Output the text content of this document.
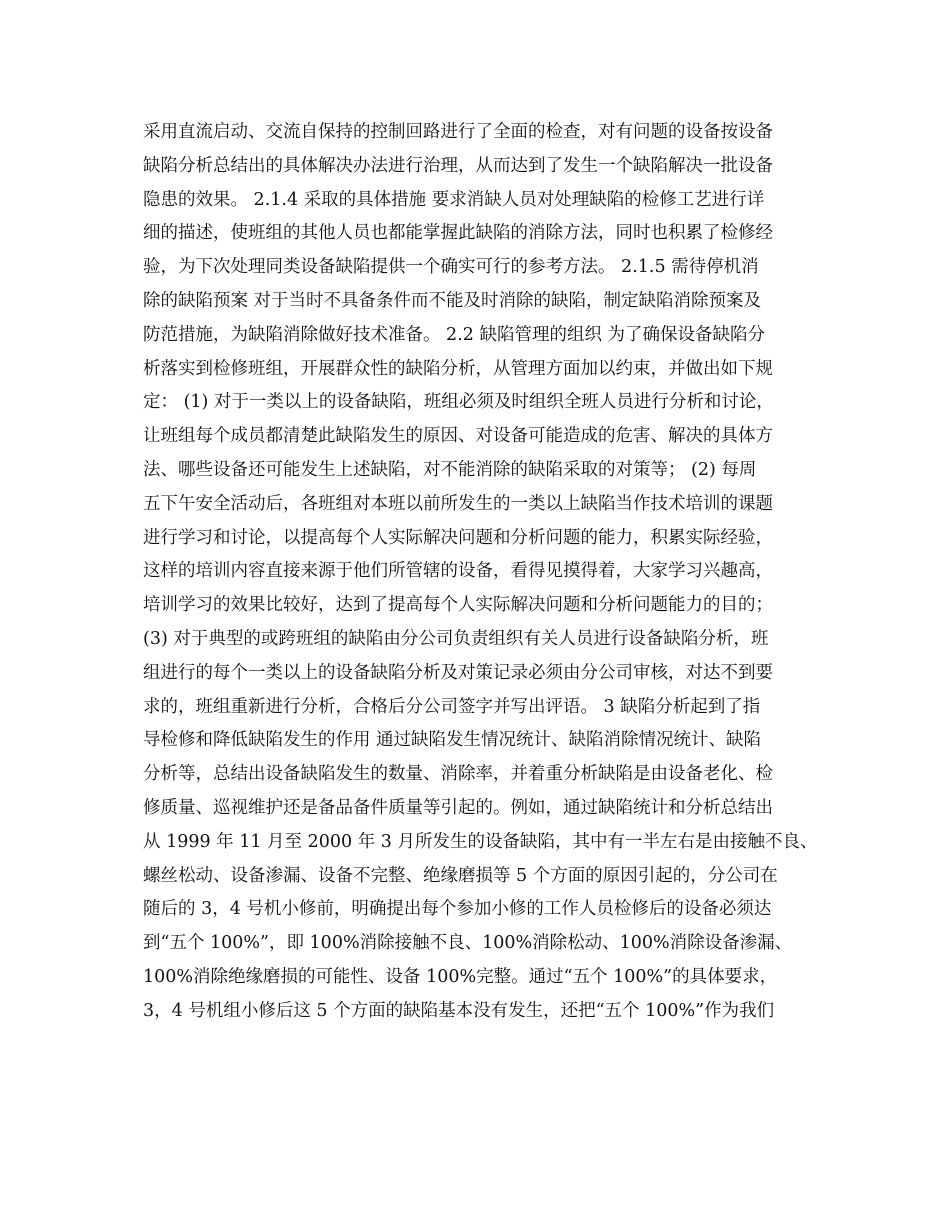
采用直流启动、交流自保持的控制回路进行了全面的检查，对有问题的设备按设备
缺陷分析总结出的具体解决办法进行治理，从而达到了发生一个缺陷解决一批设备
隐患的效果。 2.1.4 采取的具体措施 要求消缺人员对处理缺陷的检修工艺进行详
细的描述，使班组的其他人员也都能掌握此缺陷的消除方法，同时也积累了检修经
验，为下次处理同类设备缺陷提供一个确实可行的参考方法。 2.1.5 需待停机消
除的缺陷预案 对于当时不具备条件而不能及时消除的缺陷，制定缺陷消除预案及
防范措施，为缺陷消除做好技术准备。 2.2 缺陷管理的组织 为了确保设备缺陷分
析落实到检修班组，开展群众性的缺陷分析，从管理方面加以约束，并做出如下规
定： (1) 对于一类以上的设备缺陷，班组必须及时组织全班人员进行分析和讨论，
让班组每个成员都清楚此缺陷发生的原因、对设备可能造成的危害、解决的具体方
法、哪些设备还可能发生上述缺陷，对不能消除的缺陷采取的对策等； (2) 每周
五下午安全活动后，各班组对本班以前所发生的一类以上缺陷当作技术培训的课题
进行学习和讨论，以提高每个人实际解决问题和分析问题的能力，积累实际经验，
这样的培训内容直接来源于他们所管辖的设备，看得见摸得着，大家学习兴趣高，
培训学习的效果比较好，达到了提高每个人实际解决问题和分析问题能力的目的；
(3) 对于典型的或跨班组的缺陷由分公司负责组织有关人员进行设备缺陷分析，班
组进行的每个一类以上的设备缺陷分析及对策记录必须由分公司审核，对达不到要
求的，班组重新进行分析，合格后分公司签字并写出评语。 3 缺陷分析起到了指
导检修和降低缺陷发生的作用 通过缺陷发生情况统计、缺陷消除情况统计、缺陷
分析等，总结出设备缺陷发生的数量、消除率，并着重分析缺陷是由设备老化、检
修质量、巡视维护还是备品备件质量等引起的。例如，通过缺陷统计和分析总结出
从 1999 年 11 月至 2000 年 3 月所发生的设备缺陷，其中有一半左右是由接触不良、
螺丝松动、设备渗漏、设备不完整、绝缘磨损等 5 个方面的原因引起的，分公司在
随后的 3，4 号机小修前，明确提出每个参加小修的工作人员检修后的设备必须达
到“五个 100%”，即 100%消除接触不良、100%消除松动、100%消除设备渗漏、
100%消除绝缘磨损的可能性、设备 100%完整。通过“五个 100%”的具体要求，
3，4 号机组小修后这 5 个方面的缺陷基本没有发生，还把“五个 100%”作为我们
